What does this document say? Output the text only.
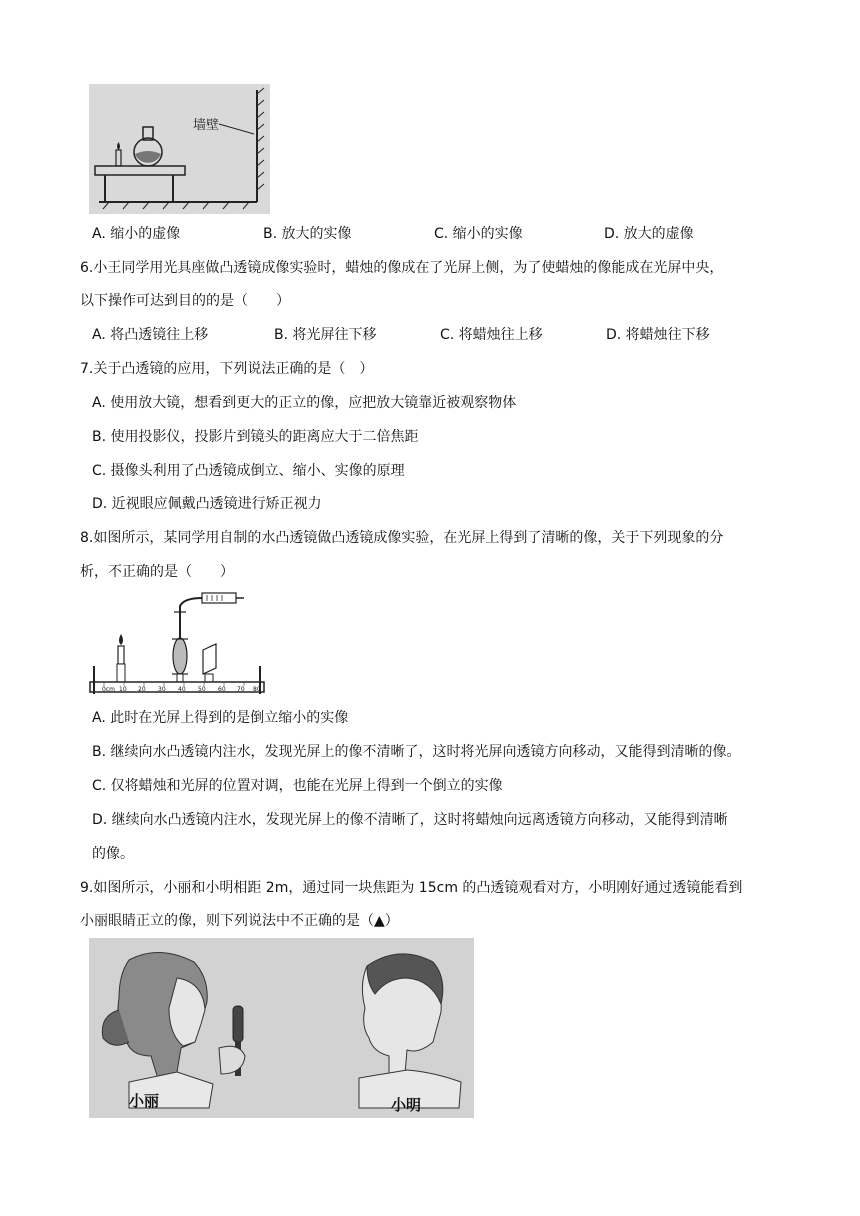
墙壁
A. 缩小的虚像	B. 放大的实像	C. 缩小的实像	D. 放大的虚像
6.小王同学用光具座做凸透镜成像实验时，蜡烛的像成在了光屏上侧，为了使蜡烛的像能成在光屏中央，
以下操作可达到目的的是（　　）
A. 将凸透镜往上移	B. 将光屏往下移	C. 将蜡烛往上移	D. 将蜡烛往下移
7.关于凸透镜的应用，下列说法正确的是（　）
A. 使用放大镜，想看到更大的正立的像，应把放大镜靠近被观察物体
B. 使用投影仪，投影片到镜头的距离应大于二倍焦距
C. 摄像头利用了凸透镜成倒立、缩小、实像的原理
D. 近视眼应佩戴凸透镜进行矫正视力
8.如图所示，某同学用自制的水凸透镜做凸透镜成像实验，在光屏上得到了清晰的像，关于下列现象的分
析，不正确的是（　　）
0cm 10 20 30 40 50 60 70 80
A. 此时在光屏上得到的是倒立缩小的实像
B. 继续向水凸透镜内注水，发现光屏上的像不清晰了，这时将光屏向透镜方向移动，又能得到清晰的像。
C. 仅将蜡烛和光屏的位置对调，也能在光屏上得到一个倒立的实像
D. 继续向水凸透镜内注水，发现光屏上的像不清晰了，这时将蜡烛向远离透镜方向移动，又能得到清晰
的像。
9.如图所示，小丽和小明相距 2m，通过同一块焦距为 15cm 的凸透镜观看对方，小明刚好通过透镜能看到
小丽眼睛正立的像，则下列说法中不正确的是（▲）
小丽	小明
